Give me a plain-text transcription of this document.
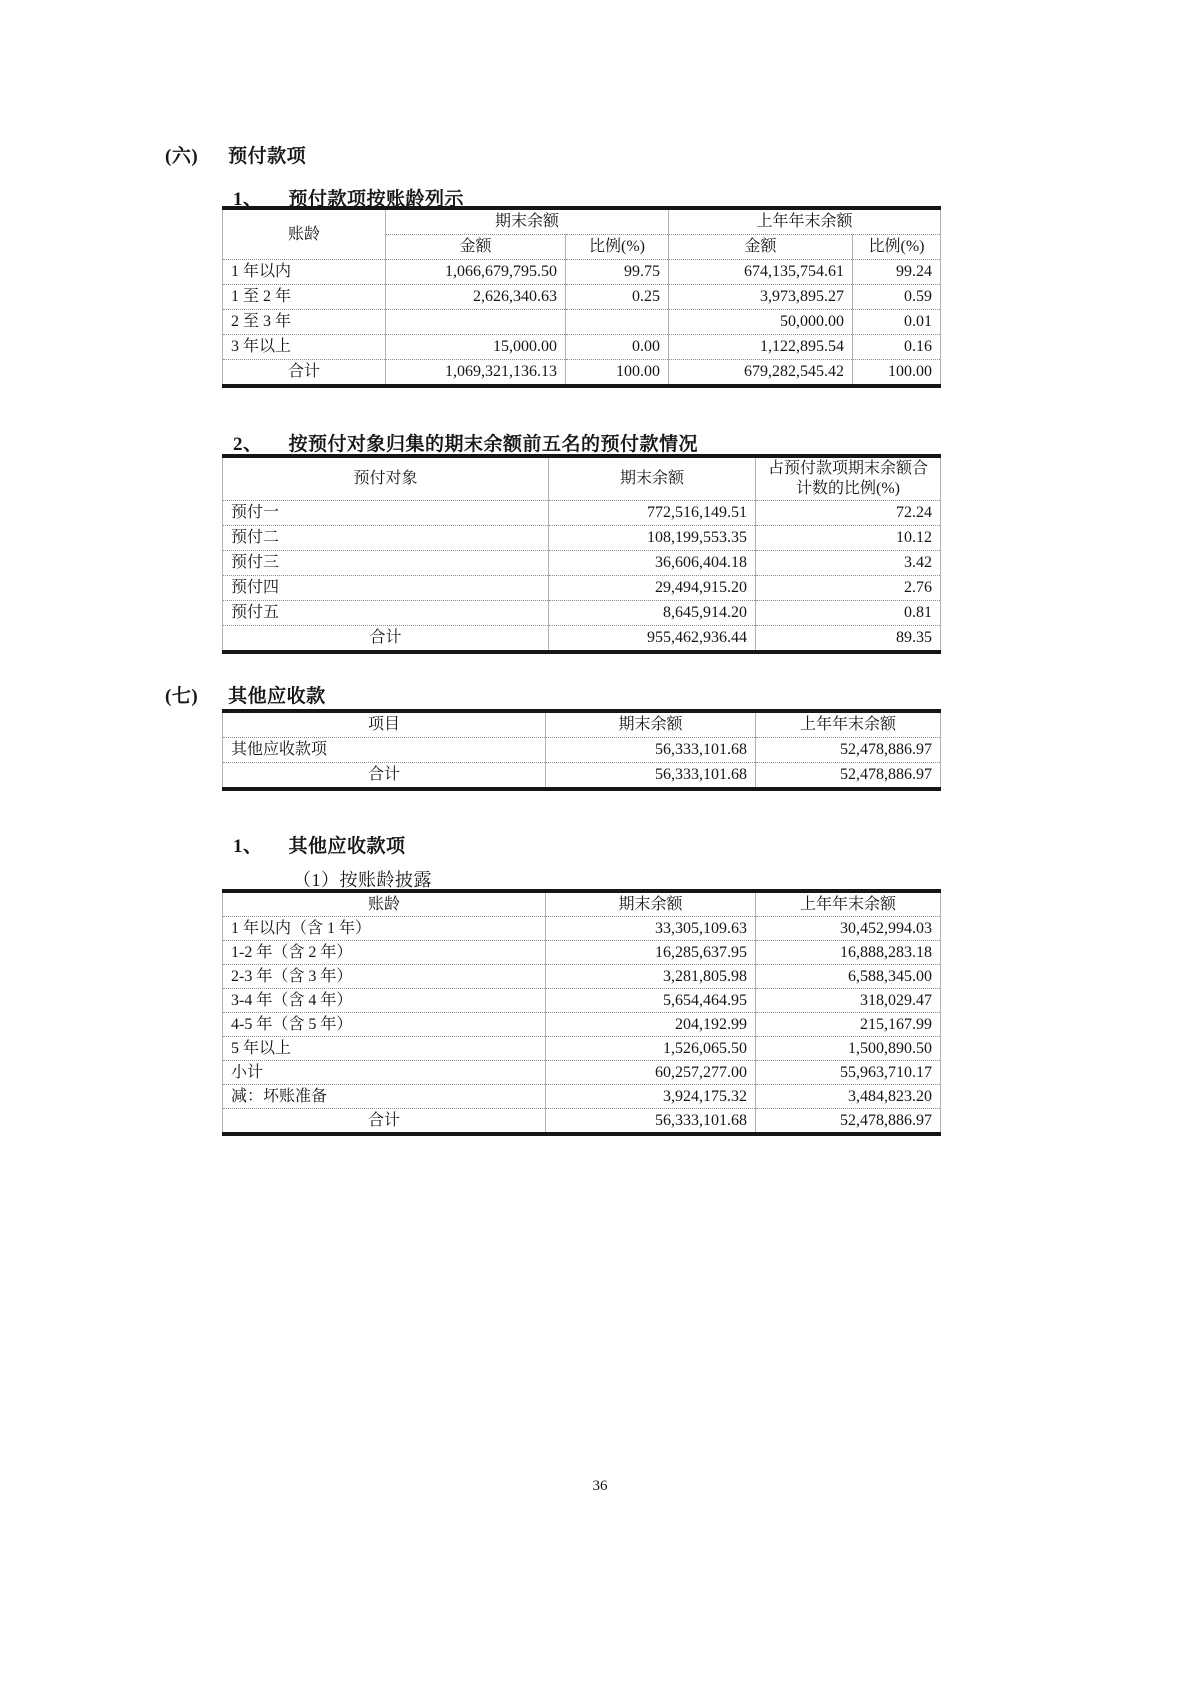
(六) 预付款项
1、 预付款项按账龄列示
账龄	期末余额		上年年末余额	
	金额	比例(%)	金额	比例(%)
1 年以内	1,066,679,795.50	99.75	674,135,754.61	99.24
1 至 2 年	2,626,340.63	0.25	3,973,895.27	0.59
2 至 3 年			50,000.00	0.01
3 年以上	15,000.00	0.00	1,122,895.54	0.16
合计	1,069,321,136.13	100.00	679,282,545.42	100.00
2、 按预付对象归集的期末余额前五名的预付款情况
预付对象	期末余额	占预付款项期末余额合
计数的比例(%)

预付一	772,516,149.51	72.24
预付二	108,199,553.35	10.12
预付三	36,606,404.18	3.42
预付四	29,494,915.20	2.76
预付五	8,645,914.20	0.81
合计	955,462,936.44	89.35
(七) 其他应收款
项目	期末余额	上年年末余额
其他应收款项	56,333,101.68	52,478,886.97
合计	56,333,101.68	52,478,886.97
1、 其他应收款项
（1）按账龄披露
账龄	期末余额	上年年末余额
1 年以内（含 1 年）	33,305,109.63	30,452,994.03
1-2 年（含 2 年）	16,285,637.95	16,888,283.18
2-3 年（含 3 年）	3,281,805.98	6,588,345.00
3-4 年（含 4 年）	5,654,464.95	318,029.47
4-5 年（含 5 年）	204,192.99	215,167.99
5 年以上	1,526,065.50	1,500,890.50
小计	60,257,277.00	55,963,710.17
减：坏账准备	3,924,175.32	3,484,823.20
合计	56,333,101.68	52,478,886.97
36
